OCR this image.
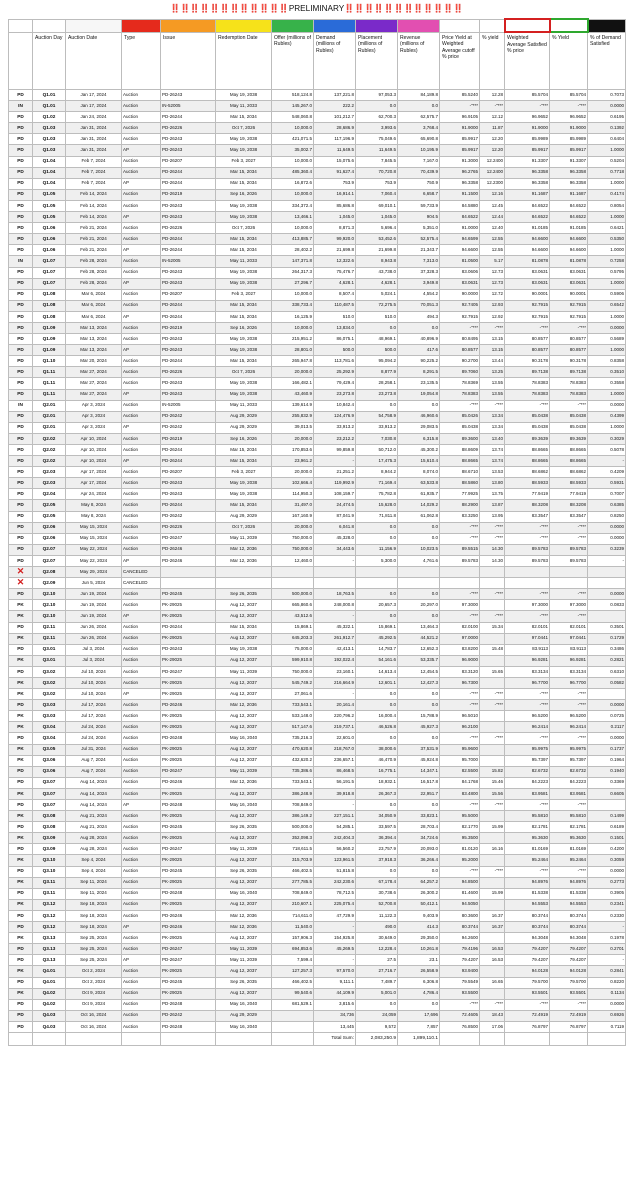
‼️‼️‼️‼️‼️‼️‼️‼️‼️‼️‼️‼️PRELIMINARY‼️‼️‼️‼️‼️‼️‼️‼️‼️‼️‼️‼️

	Auction Day	Auction Date	Type	Issue	Redemption Date	Offer (millions of Rubles)	Demand (millions of Rubles)	Placement (millions of Rubles)	Revenue (millions of Rubles)	Price Yield at Weighted Average cutoff % price	% yield	Weighted Average Satisfied % price	% Yield	% of Demand Satisfied
PD	Q1.01	Jan 17, 2024	Auction	PD-26243	May 19, 2038	518,124.8	137,221.8	97,053.3	84,189.8	85.5240	12.28	85.5704	85.5704	0.7073
IN	Q1.01	Jan 17, 2024	Auction	IN-52005	May 11, 2033	145,267.0	222.2	0.0	0.0	-"***	-"***	-"***	-"***	0.0000
PD	Q1.02	Jan 24, 2024	Auction	PD-26244	Mar 15, 2034	548,060.8	101,212.7	62,700.3	62,575.7	96.9105	12.12	96.9652	96.9652	0.6195
PD	Q1.03	Jan 31, 2024	Auction	PD-26226	Oct 7, 2026	10,000.0	28,686.9	3,993.6	3,768.4	91.9000	11.87	91.9000	91.9000	0.1392
PD	Q1.03	Jan 31, 2024	Auction	PD-26243	May 19, 2038	421,071.5	117,196.9	75,049.6	65,690.8	85.9917	12.20	85.9989	85.9989	0.6404
PD	Q1.03	Jan 31, 2024	AP	PD-26243	May 19, 2038	35,002.7	11,649.5	11,649.5	10,195.9	85.9917	12.20	85.9917	85.9917	1.0000
PD	Q1.04	Feb 7, 2024	Auction	PD-26207	Feb 3, 2027	10,000.0	15,075.6	7,845.5	7,167.0	91.3000	12.2400	91.3307	91.3307	0.5204
PD	Q1.04	Feb 7, 2024	Auction	PD-26244	Mar 15, 2034	485,360.4	91,627.4	70,720.8	70,439.9	96.2765	12.2400	96.3358	96.3358	0.7718
PD	Q1.04	Feb 7, 2024	AP	PD-26244	Mar 15, 2034	16,872.6	753.9	753.9	750.9	96.3358	12.2300	96.3358	96.3358	1.0000
PD	Q1.05	Feb 14, 2024	Auction	PD-26219	Sep 16, 2026	10,000.0	16,914.1	7,060.4	6,658.7	91.1500	12.16	91.1687	91.1687	0.4174
PD	Q1.05	Feb 14, 2024	Auction	PD-26243	May 19, 2038	334,372.4	85,686.8	69,010.1	59,733.9	84.5880	12.45	84.6522	84.6522	0.8054
PD	Q1.05	Feb 14, 2024	AP	PD-26243	May 19, 2038	13,466.1	1,045.0	1,045.0	904.5	84.6522	12.44	84.6522	84.6522	1.0000
PD	Q1.06	Feb 21, 2024	Auction	PD-26226	Oct 7, 2026	10,000.0	8,871.3	5,696.4	5,351.0	91.0000	12.40	91.0185	91.0185	0.6421
PD	Q1.06	Feb 21, 2024	Auction	PD-26244	Mar 15, 2034	413,885.7	99,920.0	53,452.6	52,575.4	94.6599	12.55	94.6600	94.6600	0.5350
PD	Q1.06	Feb 21, 2024	AP	PD-26244	Mar 15, 2034	28,402.2	21,699.8	21,699.8	21,343.7	94.6600	12.55	94.6600	94.6600	1.0000
IN	Q1.07	Feb 28, 2024	Auction	IN-52005	May 11, 2033	147,371.8	12,322.6	8,943.8	7,313.0	81.0500	5.17	81.0878	81.0878	0.7258
PD	Q1.07	Feb 28, 2024	Auction	PD-26243	May 19, 2038	264,317.3	75,476.7	43,738.0	37,328.3	83.0606	12.73	83.0631	83.0631	0.5795
PD	Q1.07	Feb 28, 2024	AP	PD-26243	May 19, 2038	27,296.7	4,628.1	4,628.1	3,949.8	83.0631	12.73	83.0631	83.0631	1.0000
PD	Q1.08	Mar 6, 2024	Auction	PD-26207	Feb 3, 2027	10,000.0	8,507.4	5,024.1	4,554.2	90.0000	12.72	90.0001	90.0001	0.5906
PD	Q1.08	Mar 6, 2024	Auction	PD-26244	Mar 15, 2034	338,733.4	110,487.5	72,275.5	70,051.3	92.7405	12.93	92.7915	92.7915	0.6542
PD	Q1.08	Mar 6, 2024	AP	PD-26244	Mar 15, 2034	16,125.9	510.0	510.0	494.3	92.7915	12.92	92.7915	92.7915	1.0000
PD	Q1.09	Mar 13, 2024	Auction	PD-26219	Sep 16, 2026	10,000.0	13,834.0	0.0	0.0	-"***	-"***	-"***	-"***	0.0000
PD	Q1.09	Mar 13, 2024	Auction	PD-26243	May 19, 2038	215,951.2	86,075.1	48,969.1	40,896.9	80.8495	13.15	80.8577	80.8577	0.5689
PD	Q1.09	Mar 13, 2024	AP	PD-26243	May 19, 2038	28,801.0	500.0	500.0	417.6	80.8577	13.15	80.8577	80.8577	1.0000
PD	Q1.10	Mar 20, 2024	Auction	PD-26244	Mar 15, 2034	265,947.8	113,781.6	95,094.2	90,225.2	90.2700	13.44	90.3178	90.3178	0.8358
PD	Q1.11	Mar 27, 2024	Auction	PD-26226	Oct 7, 2026	20,000.0	25,292.9	8,877.9	8,291.5	89.7060	13.25	89.7138	89.7138	0.3510
PD	Q1.11	Mar 27, 2024	Auction	PD-26243	May 19, 2038	166,482.1	79,429.4	28,258.1	23,135.5	78.8369	13.55	78.8383	78.8383	0.3558
PD	Q1.11	Mar 27, 2024	AP	PD-26243	May 19, 2038	43,460.9	23,273.8	23,273.8	19,054.8	78.8383	13.55	78.8383	78.8383	1.0000
IN	Q2.01	Apr 3, 2024	Auction	IN-52005	May 11, 2033	139,614.9	10,842.4	0.0	0.0	-"***	-"***	-"***	-"***	0.0000
PD	Q2.01	Apr 3, 2024	Auction	PD-26242	Aug 29, 2029	255,832.9	124,476.9	54,758.9	46,960.6	85.0426	13.34	85.0438	85.0438	0.4399
PD	Q2.01	Apr 3, 2024	AP	PD-26242	Aug 29, 2029	39,013.5	33,913.2	33,913.2	29,083.5	85.0438	13.34	85.0438	85.0438	1.0000
PD	Q2.02	Apr 10, 2024	Auction	PD-26219	Sep 16, 2026	20,000.0	23,212.2	7,030.8	6,315.8	89.3600	13.40	89.3639	89.3639	0.3029
PD	Q2.02	Apr 10, 2024	Auction	PD-26244	Mar 15, 2034	170,853.6	99,859.8	50,712.0	45,300.2	88.8609	13.74	88.8665	88.8665	0.5078
PD	Q2.02	Apr 10, 2024	AP	PD-26244	Mar 15, 2034	23,961.2	-	17,475.3	15,610.4	88.8665	13.74	88.8665	88.8665	-
PD	Q2.03	Apr 17, 2024	Auction	PD-26207	Feb 3, 2027	20,000.0	21,251.2	8,944.2	8,074.0	88.6710	13.53	88.6862	88.6862	0.4209
PD	Q2.03	Apr 17, 2024	Auction	PD-26243	May 19, 2038	102,666.4	119,992.9	71,169.4	63,533.8	88.5860	13.80	88.5933	88.5933	0.5931
PD	Q2.04	Apr 24, 2024	Auction	PD-26243	May 19, 2038	114,950.3	108,159.7	75,782.8	61,935.7	77.9925	13.75	77.9419	77.9419	0.7007
PD	Q2.05	May 8, 2024	Auction	PD-26244	Mar 15, 2034	31,497.0	24,474.5	15,628.0	14,029.2	88.2900	13.87	88.3208	88.3208	0.6385
PD	Q2.05	May 8, 2024	Auction	PD-26242	Aug 29, 2029	167,160.9	87,041.9	71,811.8	61,062.8	83.3250	13.95	83.3547	83.3547	0.8250
PD	Q2.06	May 15, 2024	Auction	PD-26226	Oct 7, 2026	20,000.0	6,041.8	0.0	0.0	-"***	-"***	-"***	-"***	0.0000
PD	Q2.06	May 15, 2024	Auction	PD-26247	May 11, 2039	750,000.0	45,328.0	0.0	0.0	-"***	-"***	-"***	-"***	0.0000
PD	Q2.07	May 22, 2024	Auction	PD-26246	Mar 12, 2036	750,000.0	34,443.6	11,156.9	10,023.5	89.5515	14.30	89.5783	89.5783	0.3239
PD	Q2.07	May 22, 2024	AP	PD-26246	Mar 12, 2036	12,460.0	-	5,300.0	4,761.6	89.5783	14.30	89.5783	89.5783	-
✕	Q2.08	May 29, 2024	CANCELED											
✕	Q2.09	Jun 5, 2024	CANCELED											
PD	Q2.10	Jun 19, 2024	Auction	PD-26245	Sep 26, 2035	500,000.0	18,763.5	0.0	0.0	-"***	-"***	-"***	-"***	0.0000
PK	Q2.10	Jun 19, 2024	Auction	PK-29025	Aug 12, 2037	665,860.6	248,000.8	20,657.3	20,297.0	97.3000		97.3000	97.3000	0.0833
PK	Q2.10	Jun 19, 2024	AP	PK-29025	Aug 12, 2037	43,512.6	-	0.0	0.0	-"***	-"***	-"***	-"***	
PD	Q2.11	Jun 26, 2024	Auction	PD-26244	Mar 15, 2034	15,869.1	45,322.1	15,869.1	13,464.3	82.0100	15.34	82.0101	82.0101	0.3501
PK	Q2.11	Jun 26, 2024	Auction	PK-29025	Aug 12, 2037	645,203.3	261,912.7	45,292.5	44,521.2	97.0000		97.0441	97.0441	0.1729
PD	Q3.01	Jul 3, 2024	Auction	PD-26243	May 19, 2038	75,000.0	42,413.1	14,783.7	12,652.3	83.8200	15.48	83.9113	83.9113	0.3486
PK	Q3.01	Jul 3, 2024	Auction	PK-29025	Aug 12, 2037	599,910.8	192,022.4	54,161.6	53,335.7	96.9000		96.9281	96.9281	0.2821
PD	Q3.02	Jul 10, 2024	Auction	PD-26247	May 11, 2039	750,000.0	23,160.1	14,613.4	12,454.5	83.3120	15.65	83.3134	83.3134	0.6310
PK	Q3.02	Jul 10, 2024	Auction	PK-29025	Aug 12, 2037	545,749.2	216,664.9	12,601.1	12,427.3	96.7300		96.7700	96.7700	0.0582
PK	Q3.02	Jul 10, 2024	AP	PK-29025	Aug 12, 2037	27,061.6	-	0.0	0.0	-"***	-"***	-"***	-"***	
PD	Q3.03	Jul 17, 2024	Auction	PD-26246	Mar 12, 2036	733,543.1	20,161.4	0.0	0.0	-"***	-"***	-"***	-"***	0.0000
PK	Q3.03	Jul 17, 2024	Auction	PK-29025	Aug 12, 2037	533,148.0	220,796.2	16,000.4	15,788.9	96.5010		96.5200	96.5200	0.0725
PK	Q3.04	Jul 24, 2024	Auction	PK-29025	Aug 12, 2037	517,147.6	219,737.1	46,526.8	45,927.3	96.2100		96.2414	96.2414	0.2117
PD	Q3.04	Jul 24, 2024	Auction	PD-26248	May 16, 2040	735,216.3	22,601.0	0.0	0.0	-"***	-"***	-"***	-"***	0.0000
PK	Q3.05	Jul 31, 2024	Auction	PK-29025	Aug 12, 2037	470,620.8	218,767.0	38,000.6	37,531.9	95.9600		95.9975	95.9975	0.1737
PK	Q3.06	Aug 7, 2024	Auction	PK-29025	Aug 12, 2037	432,620.2	236,657.1	46,470.9	45,924.8	95.7000		95.7397	95.7397	0.1964
PD	Q3.06	Aug 7, 2024	Auction	PD-26247	May 11, 2039	735,386.6	86,468.5	16,775.1	14,347.1	82.5500	15.82	82.6732	82.6732	0.1940
PD	Q3.07	Aug 14, 2024	Auction	PD-26246	Mar 12, 2036	733,543.1	56,191.5	18,932.1	16,517.8	84.1768	15.46	84.2223	84.2223	0.3369
PK	Q3.07	Aug 14, 2024	Auction	PK-29025	Aug 12, 2037	386,248.9	39,918.8	26,367.3	22,951.7	83.4800	15.56	83.9581	83.9581	0.6605
PD	Q3.07	Aug 14, 2024	AP	PD-26248	May 16, 2040	708,849.0	-	0.0	0.0	-"***	-"***	-"***	-"***	
PK	Q3.08	Aug 21, 2024	Auction	PK-29025	Aug 12, 2037	386,149.2	227,151.1	34,050.9	33,823.1	95.5000		95.5810	95.5810	0.1499
PD	Q3.08	Aug 21, 2024	Auction	PD-26245	Sep 26, 2035	500,000.0	54,285.1	33,597.5	28,703.4	82.1770	15.99	82.1781	82.1781	0.6189
PK	Q3.09	Aug 28, 2024	Auction	PK-29025	Aug 12, 2037	352,098.3	242,404.3	36,394.4	34,724.6	95.3500		95.3630	95.3630	0.1501
PD	Q3.09	Aug 28, 2024	Auction	PD-26247	May 11, 2039	718,611.5	56,560.2	23,757.9	20,093.0	81.0120	16.16	81.0169	81.0169	0.4200
PK	Q3.10	Sep 4, 2024	Auction	PK-29025	Aug 12, 2037	315,703.9	123,961.5	37,918.3	36,266.4	95.2000		95.2464	95.2464	0.3059
PD	Q3.10	Sep 4, 2024	Auction	PD-26245	Sep 26, 2035	466,402.5	51,815.8	0.0	0.0	-"***	-"***	-"***	-"***	0.0000
PK	Q3.11	Sep 11, 2024	Auction	PK-29025	Aug 12, 2037	277,785.5	242,230.6	67,178.4	64,257.2	94.8500		94.8976	94.8976	0.2773
PD	Q3.11	Sep 11, 2024	Auction	PD-26248	May 16, 2040	708,849.0	78,712.5	30,738.6	26,300.2	81.4600	15.99	81.5338	81.5338	0.3905
PK	Q3.12	Sep 18, 2024	Auction	PK-29025	Aug 12, 2037	210,607.1	225,075.4	52,700.8	50,412.1	94.5050		94.5553	94.5553	0.2341
PD	Q3.12	Sep 18, 2024	Auction	PD-26246	Mar 12, 2036	714,611.0	47,729.9	11,122.3	9,403.9	80.3600	16.37	80.3744	80.3744	0.2330
PD	Q3.12	Sep 18, 2024	AP	PD-26246	Mar 12, 2036	11,540.0	-	490.0	414.3	80.3744	16.37	80.3744	80.3744	-
PK	Q3.13	Sep 25, 2024	Auction	PK-29025	Aug 12, 2037	157,906.3	154,925.8	30,649.0	29,350.0	94.2600		94.3048	94.3048	0.1978
PD	Q3.13	Sep 25, 2024	Auction	PD-26247	May 11, 2039	694,853.6	45,269.5	12,228.4	10,261.8	79.4196	16.53	79.4207	79.4207	0.2701
PD	Q3.13	Sep 25, 2024	AP	PD-26247	May 11, 2039	7,599.4	-	27.5	23.1	79.4207	16.53	79.4207	79.4207	-
PK	Q4.01	Oct 2, 2024	Auction	PK-29025	Aug 12, 2037	127,257.3	97,570.0	27,716.7	26,558.9	93.9400		94.0128	94.0128	0.2841
PD	Q4.01	Oct 2, 2024	Auction	PD-26245	Sep 26, 2035	466,402.5	9,111.1	7,489.7	6,306.8	79.5549	16.65	79.5700	79.5700	0.8220
PK	Q4.02	Oct 9, 2024	Auction	PK-29025	Aug 12, 2037	99,540.6	44,109.9	5,001.0	4,786.4	93.5500		93.5501	93.5501	0.1134
PD	Q4.02	Oct 9, 2024	Auction	PD-26248	May 16, 2040	681,529.1	3,815.6	0.0	0.0	-"***	-"***	-"***	-"***	0.0000
PD	Q4.03	Oct 16, 2024	Auction	PD-26242	Aug 29, 2029		34,736	24,059	17,696	72.4605	18.43	72.4919	72.4919	0.6926
PD	Q4.03	Oct 16, 2024	Auction	PD-26248	May 16, 2040		13,445	9,572	7,857	76.8500	17.06	76.8797	76.8797	0.7119
							Total Sum:	2,083,250.9	1,899,110.1					
